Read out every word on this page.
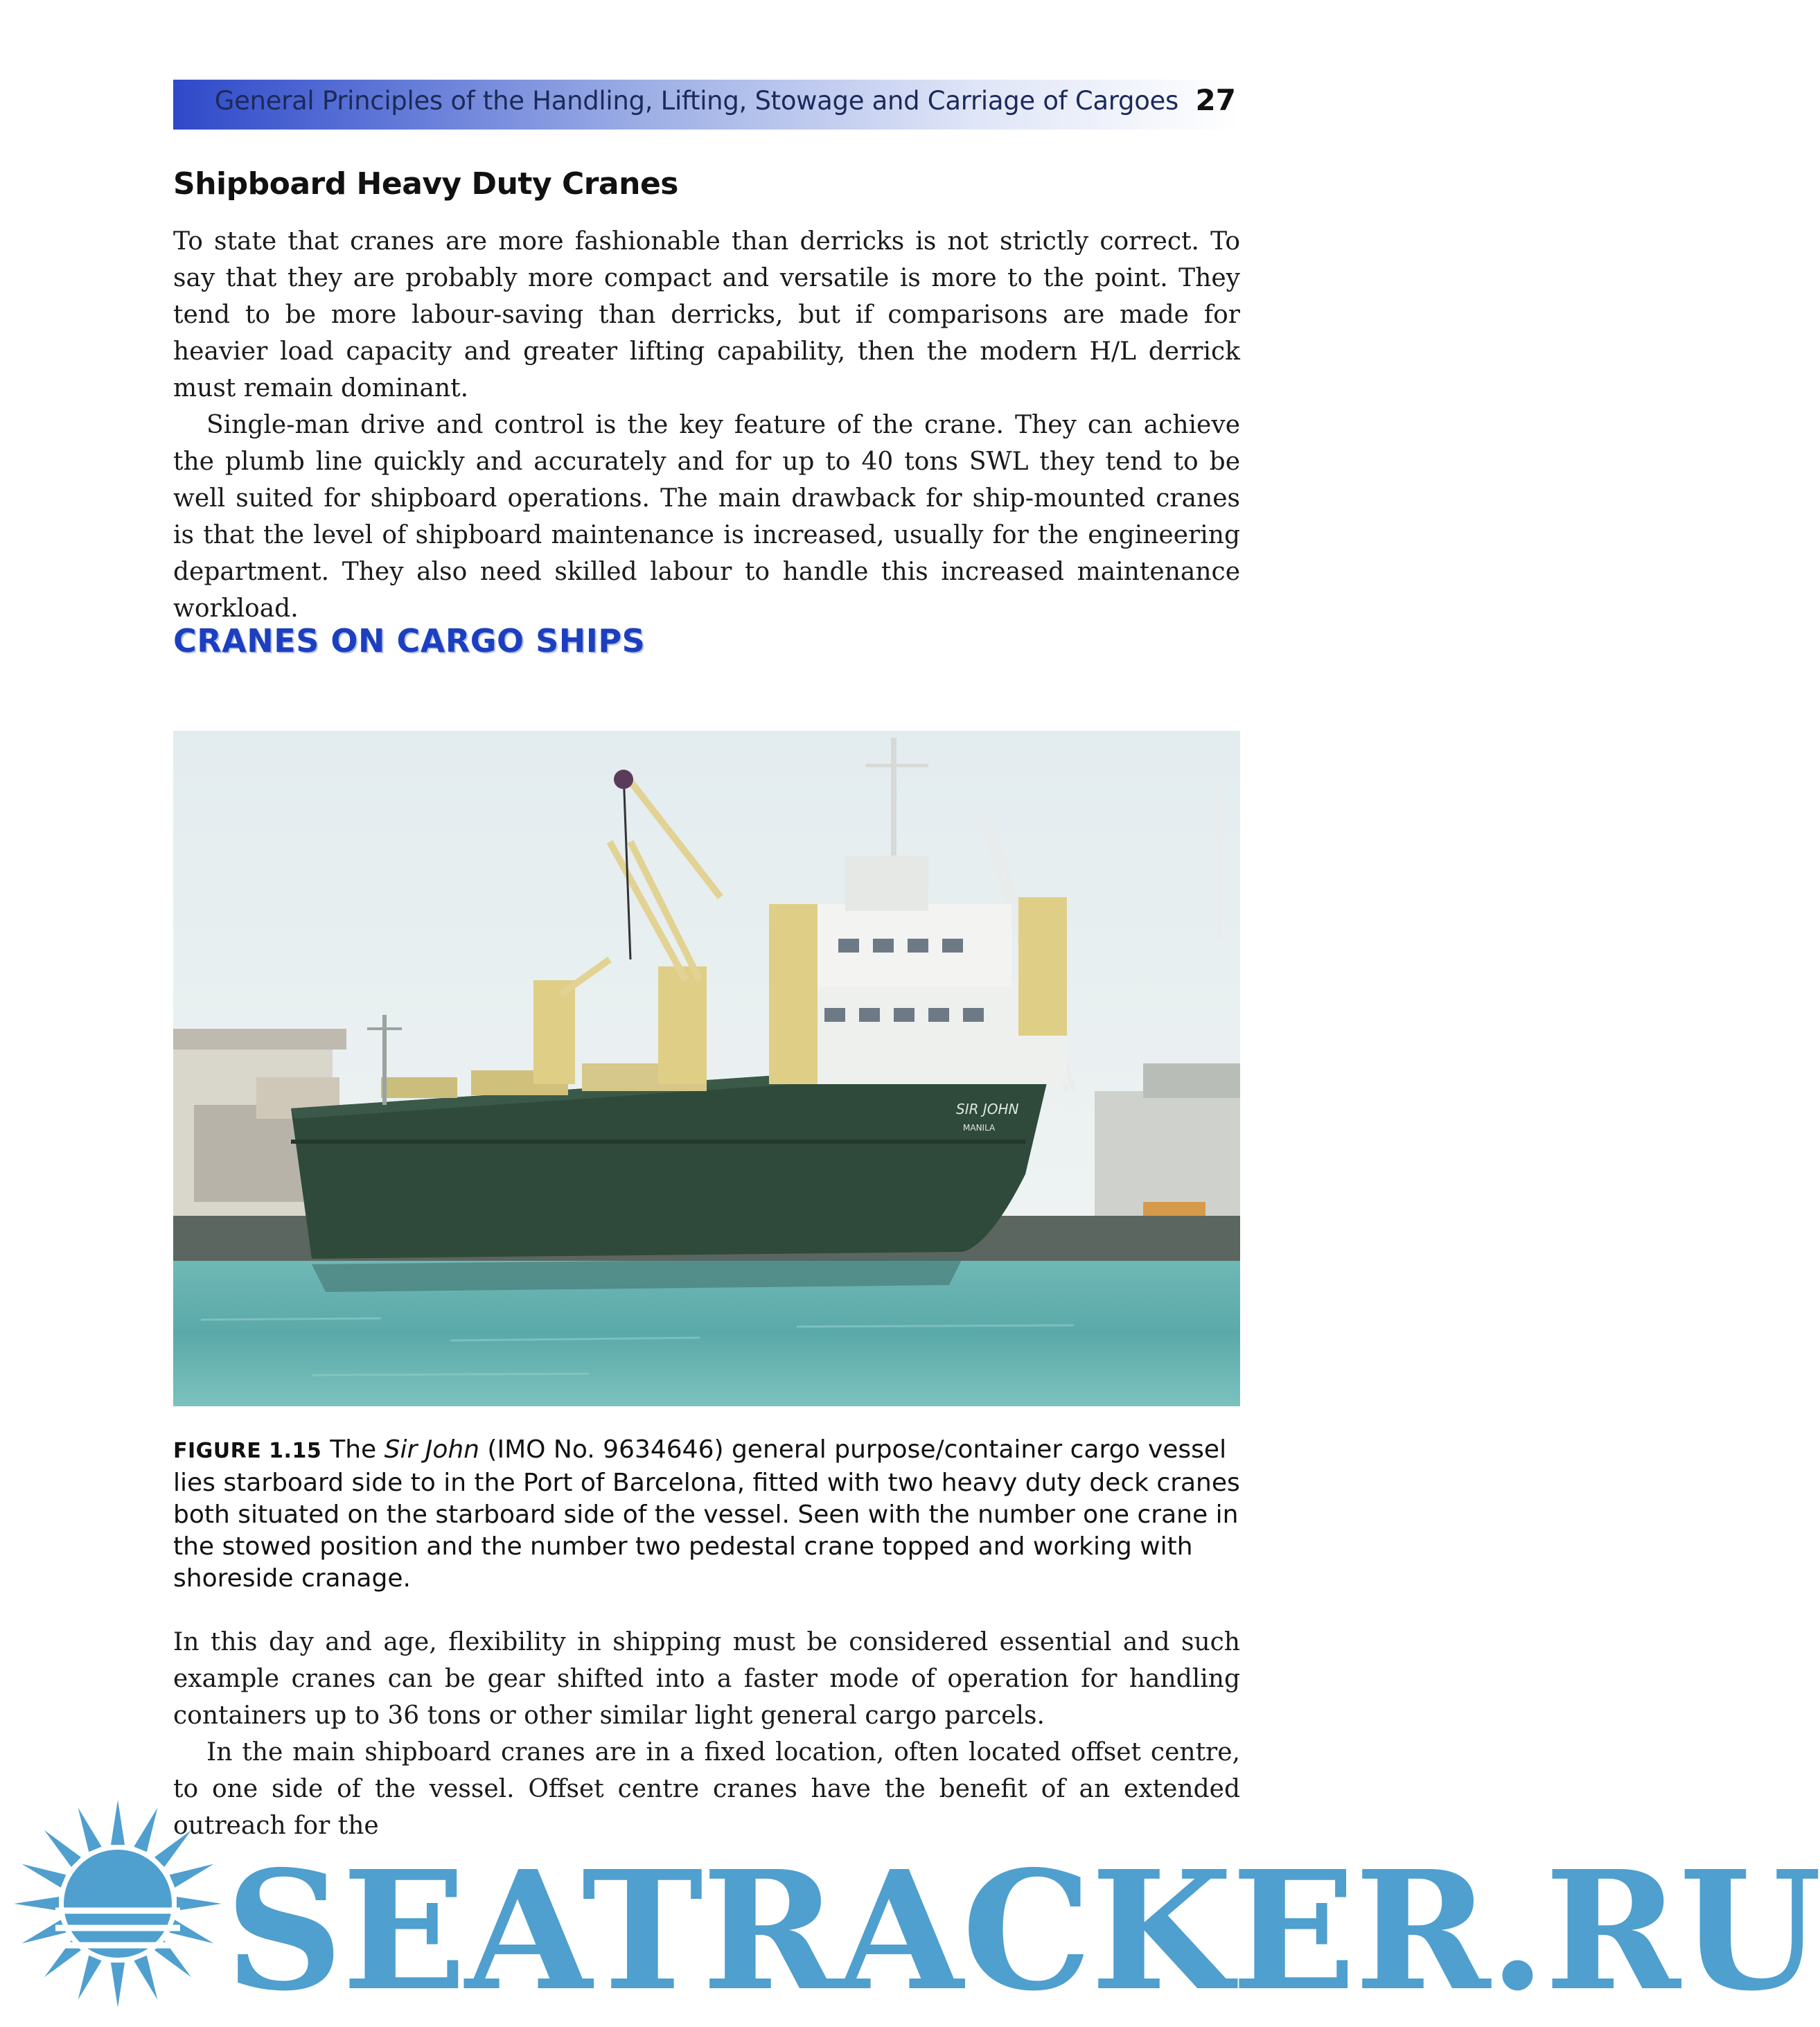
General Principles of the Handling, Lifting, Stowage and Carriage of Cargoes 27
Shipboard Heavy Duty Cranes

To state that cranes are more fashionable than derricks is not strictly correct. To say that they are probably more compact and versatile is more to the point. They tend to be more labour-saving than derricks, but if comparisons are made for heavier load capacity and greater lifting capability, then the modern H/L derrick must remain dominant.

Single-man drive and control is the key feature of the crane. They can achieve the plumb line quickly and accurately and for up to 40 tons SWL they tend to be well suited for shipboard operations. The main drawback for ship-mounted cranes is that the level of shipboard maintenance is increased, usually for the engineering department. They also need skilled labour to handle this increased maintenance workload.

CRANES ON CARGO SHIPS
SIR JOHN
MANILA
FIGURE 1.15 The Sir John (IMO No. 9634646) general purpose/container cargo vessel lies starboard side to in the Port of Barcelona, fitted with two heavy duty deck cranes both situated on the starboard side of the vessel. Seen with the number one crane in the stowed position and the number two pedestal crane topped and working with shoreside cranage.

In this day and age, flexibility in shipping must be considered essential and such example cranes can be gear shifted into a faster mode of operation for handling containers up to 36 tons or other similar light general cargo parcels.

In the main shipboard cranes are in a fixed location, often located offset centre, to one side of the vessel. Offset centre cranes have the benefit of an extended outreach for the

SEATRACKER.RU
